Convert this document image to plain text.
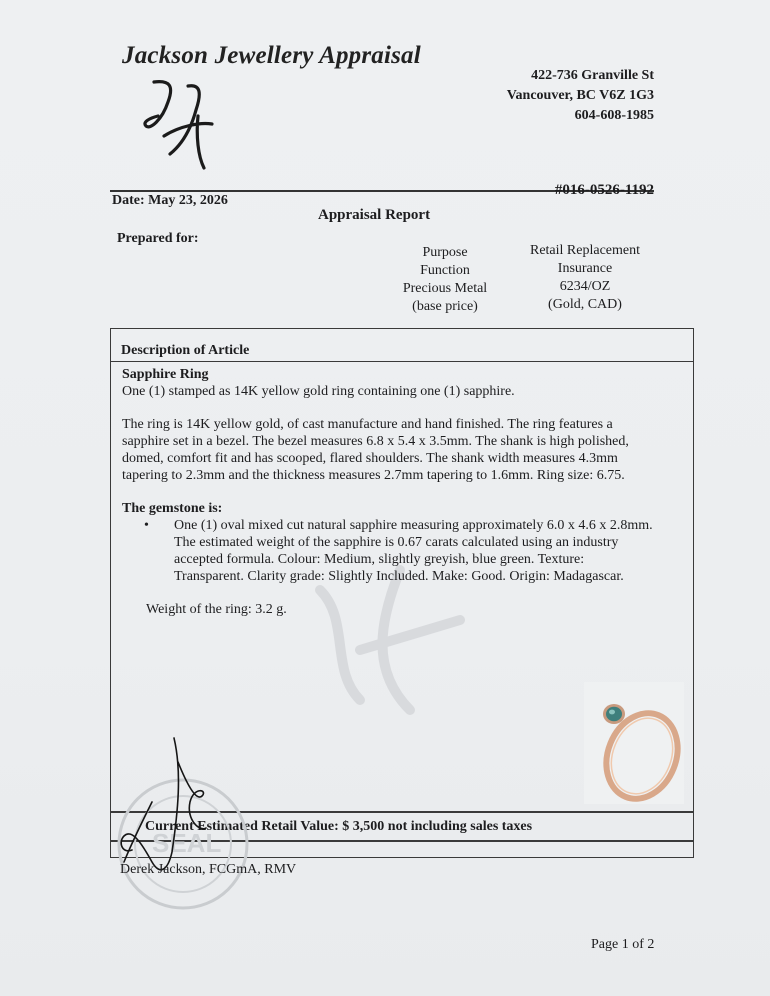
Jackson Jewellery Appraisal
422-736 Granville St
Vancouver, BC V6Z 1G3
604-608-1985
Date: May 23, 2026
#016-0526-1192
Appraisal Report
Prepared for:
Purpose
Function
Precious Metal
(base price)
Retail Replacement
Insurance
6234/OZ
(Gold, CAD)
Description of Article

Sapphire Ring

One (1) stamped as 14K yellow gold ring containing one (1) sapphire.

The ring is 14K yellow gold, of cast manufacture and hand finished. The ring features a

sapphire set in a bezel. The bezel measures 6.8 x 5.4 x 3.5mm. The shank is high polished,

domed, comfort fit and has scooped, flared shoulders. The shank width measures 4.3mm

tapering to 2.3mm and the thickness measures 2.7mm tapering to 1.6mm. Ring size: 6.75.

The gemstone is:

•	One (1) oval mixed cut natural sapphire measuring approximately 6.0 x 4.6 x 2.8mm.

The estimated weight of the sapphire is 0.67 carats calculated using an industry

accepted formula. Colour: Medium, slightly greyish, blue green. Texture:

Transparent. Clarity grade: Slightly Included. Make: Good. Origin: Madagascar.

Weight of the ring: 3.2 g.

Current Estimated Retail Value: $ 3,500 not including sales taxes
SEAL
Derek Jackson, FCGmA, RMV
Page 1 of 2
